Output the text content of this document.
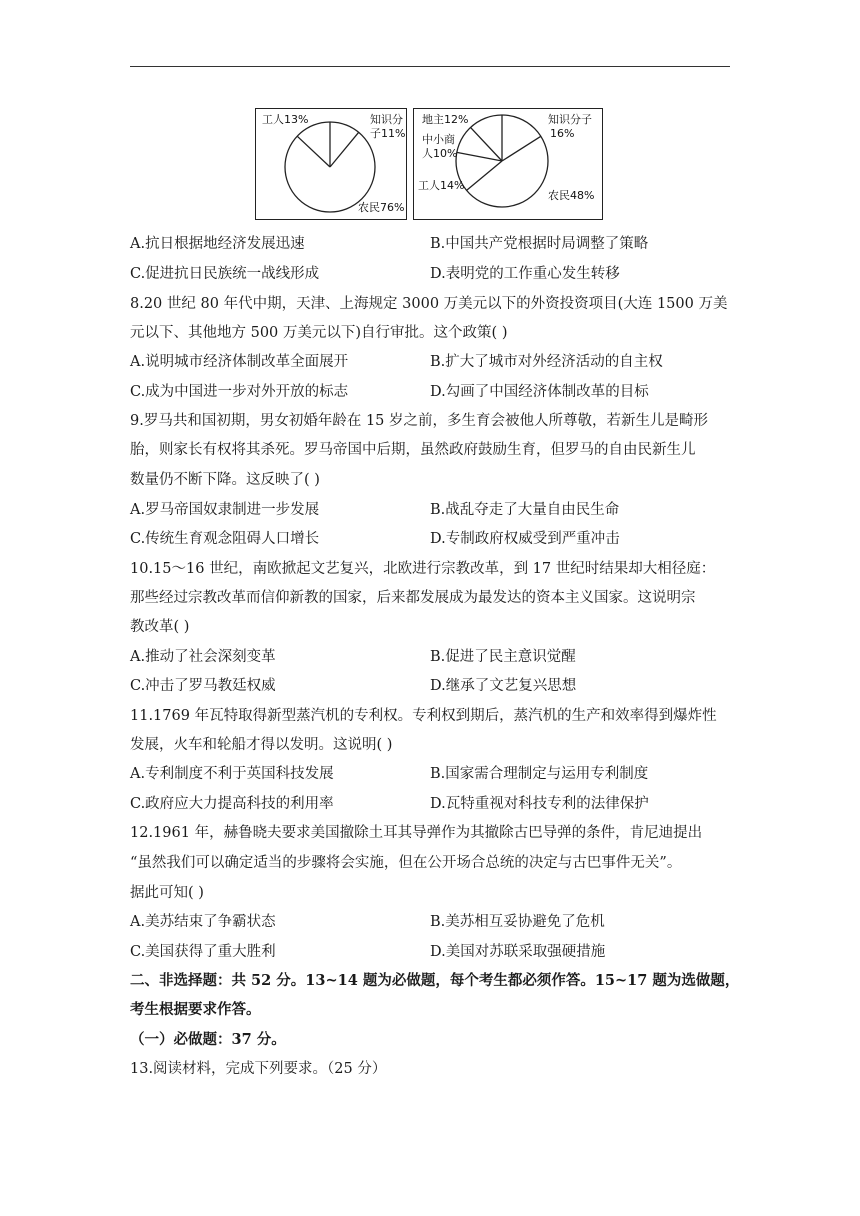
工人13%	知识分
子11%
农民76%
地主12%	知识分子
16%
中小商
人10%
工人14%
农民48%
A.抗日根据地经济发展迅速	B.中国共产党根据时局调整了策略
C.促进抗日民族统一战线形成	D.表明党的工作重心发生转移
8.20 世纪 80 年代中期，天津、上海规定 3000 万美元以下的外资投资项目(大连 1500 万美
元以下、其他地方 500 万美元以下)自行审批。这个政策( )
A.说明城市经济体制改革全面展开	B.扩大了城市对外经济活动的自主权
C.成为中国进一步对外开放的标志	D.勾画了中国经济体制改革的目标
9.罗马共和国初期，男女初婚年龄在 15 岁之前，多生育会被他人所尊敬，若新生儿是畸形
胎，则家长有权将其杀死。罗马帝国中后期，虽然政府鼓励生育，但罗马的自由民新生儿
数量仍不断下降。这反映了( )
A.罗马帝国奴隶制进一步发展	B.战乱夺走了大量自由民生命
C.传统生育观念阻碍人口增长	D.专制政府权威受到严重冲击
10.15～16 世纪，南欧掀起文艺复兴，北欧进行宗教改革，到 17 世纪时结果却大相径庭：
那些经过宗教改革而信仰新教的国家，后来都发展成为最发达的资本主义国家。这说明宗
教改革( )
A.推动了社会深刻变革	B.促进了民主意识觉醒
C.冲击了罗马教廷权威	D.继承了文艺复兴思想
11.1769 年瓦特取得新型蒸汽机的专利权。专利权到期后，蒸汽机的生产和效率得到爆炸性
发展，火车和轮船才得以发明。这说明( )
A.专利制度不利于英国科技发展	B.国家需合理制定与运用专利制度
C.政府应大力提高科技的利用率	D.瓦特重视对科技专利的法律保护
12.1961 年，赫鲁晓夫要求美国撤除土耳其导弹作为其撤除古巴导弹的条件，肯尼迪提出
“虽然我们可以确定适当的步骤将会实施，但在公开场合总统的决定与古巴事件无关”。
据此可知( )
A.美苏结束了争霸状态	B.美苏相互妥协避免了危机
C.美国获得了重大胜利	D.美国对苏联采取强硬措施
二、非选择题：共 52 分。13~14 题为必做题，每个考生都必须作答。15~17 题为选做题，
考生根据要求作答。
（一）必做题：37 分。
13.阅读材料，完成下列要求。（25 分）
